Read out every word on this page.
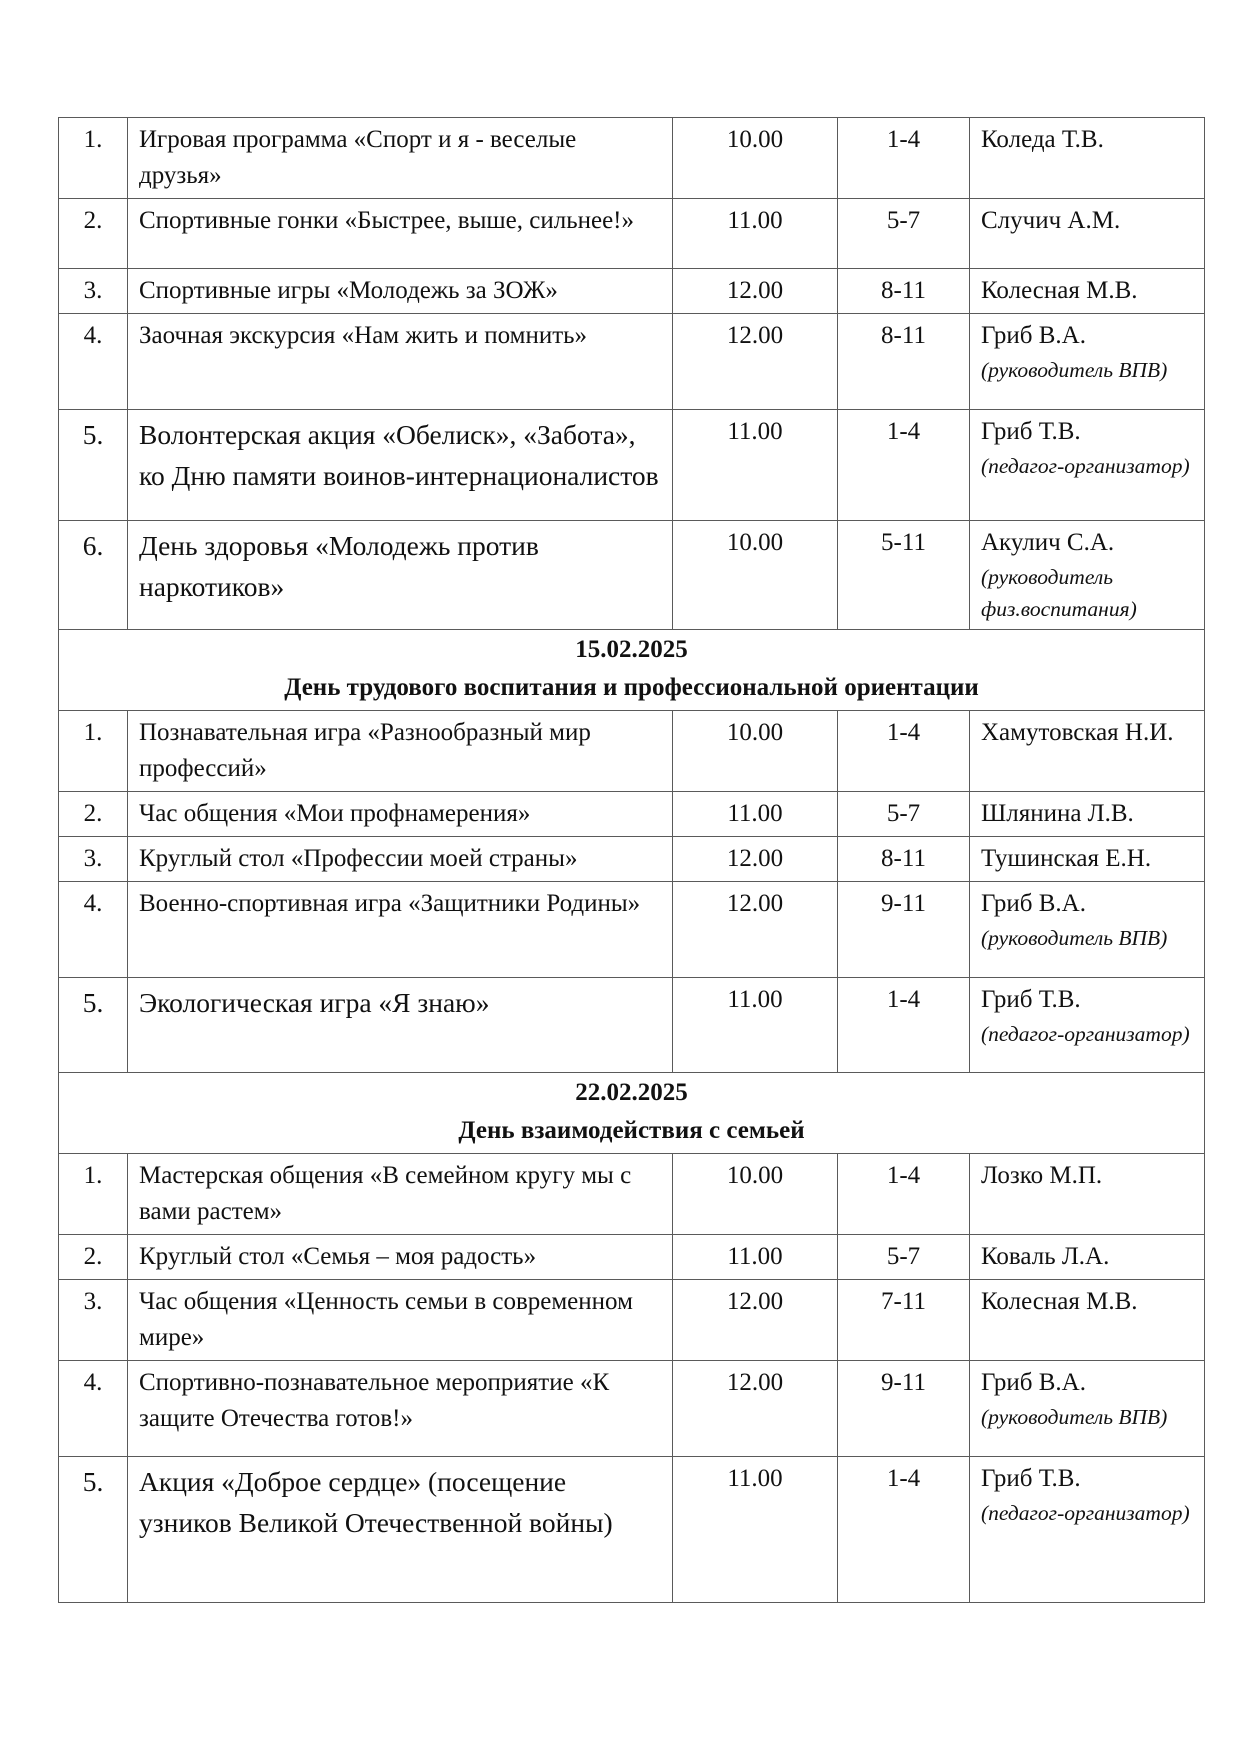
1.	Игровая программа «Спорт и я - веселые друзья»	10.00	1-4	Коледа Т.В.

2.	Спортивные гонки «Быстрее, выше, сильнее!»	11.00	5-7	Случич А.М.

3.	Спортивные игры «Молодежь за ЗОЖ»	12.00	8-11	Колесная М.В.

4.	Заочная экскурсия «Нам жить и помнить»	12.00	8-11	Гриб В.А.
(руководитель ВПВ)

5.	Волонтерская акция «Обелиск», «Забота», ко Дню памяти воинов-интернационалистов	11.00	1-4	Гриб Т.В.
(педагог-организатор)

6.	День здоровья «Молодежь против наркотиков»	10.00	5-11	Акулич С.А.
(руководитель физ.воспитания)

15.02.2025
День трудового воспитания и профессиональной ориентации				

1.	Познавательная игра «Разнообразный мир профессий»	10.00	1-4	Хамутовская Н.И.

2.	Час общения «Мои профнамерения»	11.00	5-7	Шлянина Л.В.

3.	Круглый стол «Профессии моей страны»	12.00	8-11	Тушинская Е.Н.

4.	Военно-спортивная игра «Защитники Родины»	12.00	9-11	Гриб В.А.
(руководитель ВПВ)

5.	Экологическая игра «Я знаю»	11.00	1-4	Гриб Т.В.
(педагог-организатор)

22.02.2025
День взаимодействия с семьей				

1.	Мастерская общения «В семейном кругу мы с вами растем»	10.00	1-4	Лозко М.П.

2.	Круглый стол «Семья – моя радость»	11.00	5-7	Коваль Л.А.

3.	Час общения «Ценность семьи в современном мире»	12.00	7-11	Колесная М.В.

4.	Спортивно-познавательное мероприятие «К защите Отечества готов!»	12.00	9-11	Гриб В.А.
(руководитель ВПВ)

5.	Акция «Доброе сердце» (посещение узников Великой Отечественной войны)	11.00	1-4	Гриб Т.В.
(педагог-организатор)
